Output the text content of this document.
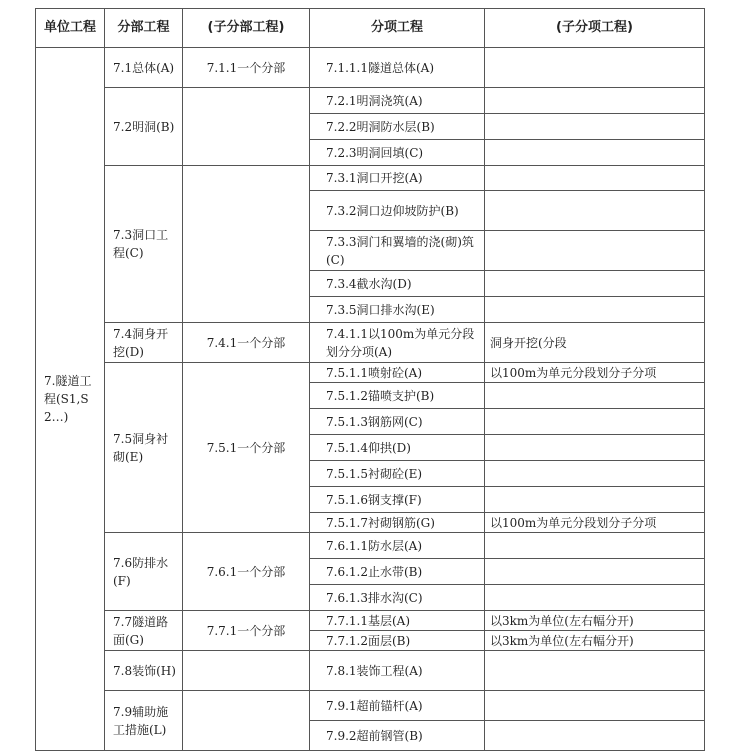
单位工程	分部工程	(子分部工程)	分项工程	(子分项工程)
7.隧道工程(S1,S2…)	7.1总体(A)	7.1.1一个分部	7.1.1.1隧道总体(A)	
	7.2明洞(B)		7.2.1明洞浇筑(A)	
			7.2.2明洞防水层(B)	
			7.2.3明洞回填(C)	
	7.3洞口工程(C)		7.3.1洞口开挖(A)	
			7.3.2洞口边仰坡防护(B)	
			7.3.3洞门和翼墙的浇(砌)筑(C)	
			7.3.4截水沟(D)	
			7.3.5洞口排水沟(E)	
	7.4洞身开挖(D)	7.4.1一个分部	7.4.1.1以100m为单元分段划分分项(A)	洞身开挖(分段
	7.5洞身衬砌(E)	7.5.1一个分部	7.5.1.1喷射砼(A)	以100m为单元分段划分子分项
			7.5.1.2锚喷支护(B)	
			7.5.1.3钢筋网(C)	
			7.5.1.4仰拱(D)	
			7.5.1.5衬砌砼(E)	
			7.5.1.6钢支撑(F)	
			7.5.1.7衬砌钢筋(G)	以100m为单元分段划分子分项
	7.6防排水(F)	7.6.1一个分部	7.6.1.1防水层(A)	
			7.6.1.2止水带(B)	
			7.6.1.3排水沟(C)	
	7.7隧道路面(G)	7.7.1一个分部	7.7.1.1基层(A)	以3km为单位(左右幅分开)
			7.7.1.2面层(B)	以3km为单位(左右幅分开)
	7.8装饰(H)		7.8.1装饰工程(A)	
	7.9辅助施工措施(L)		7.9.1超前锚杆(A)	
			7.9.2超前钢管(B)	
